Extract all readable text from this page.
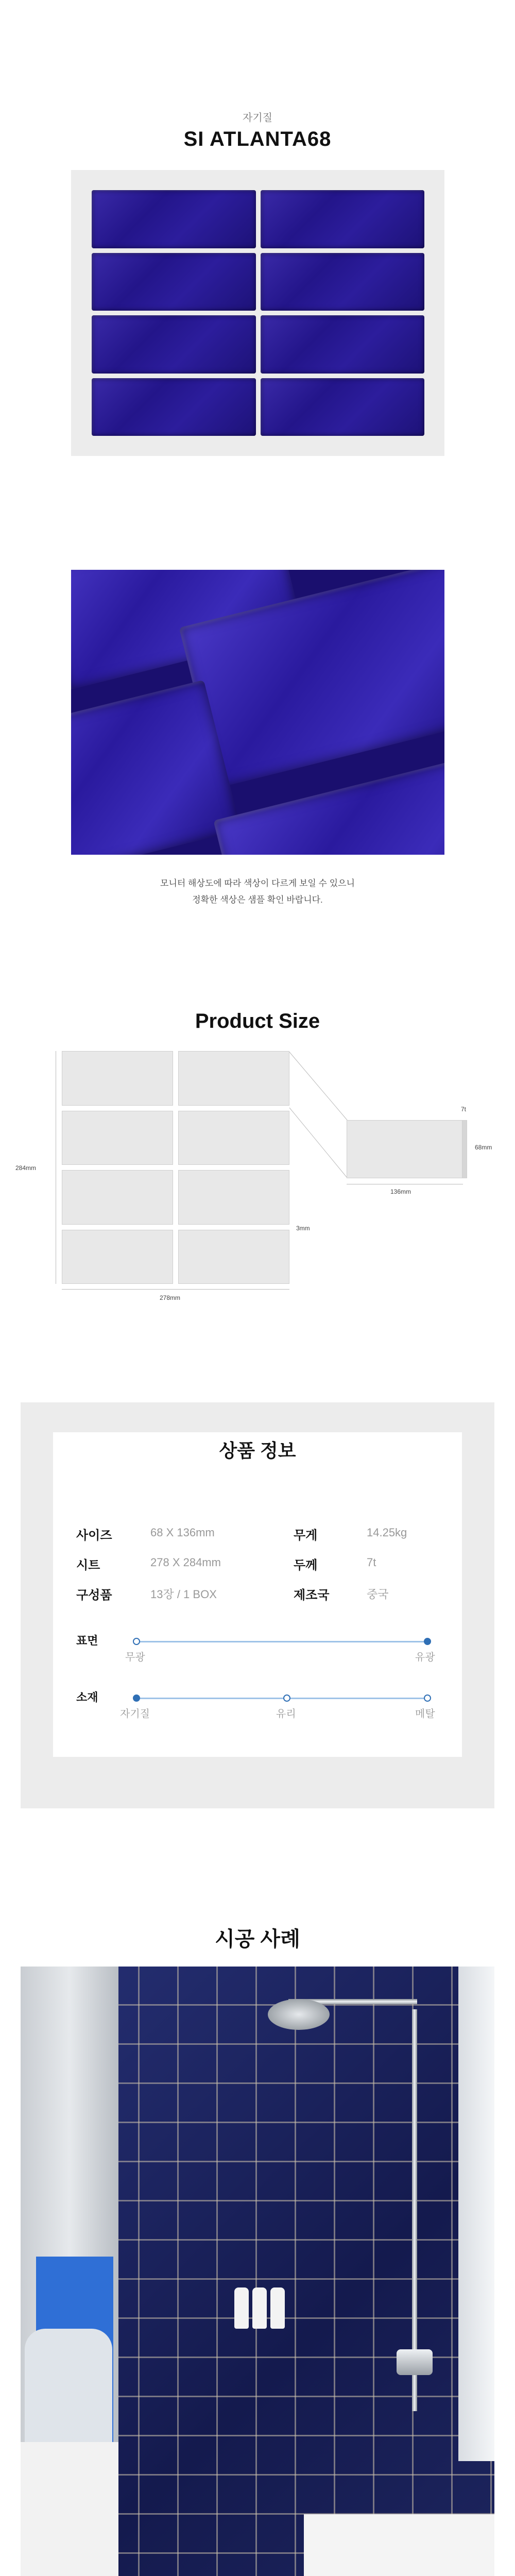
자기질
SI ATLANTA68
모니터 해상도에 따라 색상이 다르게 보일 수 있으니
정확한 색상은 샘플 확인 바랍니다.
Product Size
284mm
278mm
3mm
136mm
68mm
7t
상품 정보
사이즈	68 X 136mm	무게	14.25kg
시트	278 X 284mm	두께	7t
구성품	13장 / 1 BOX	제조국	중국
표면
무광	유광
소재
자기질	유리	메탈
시공 사례
